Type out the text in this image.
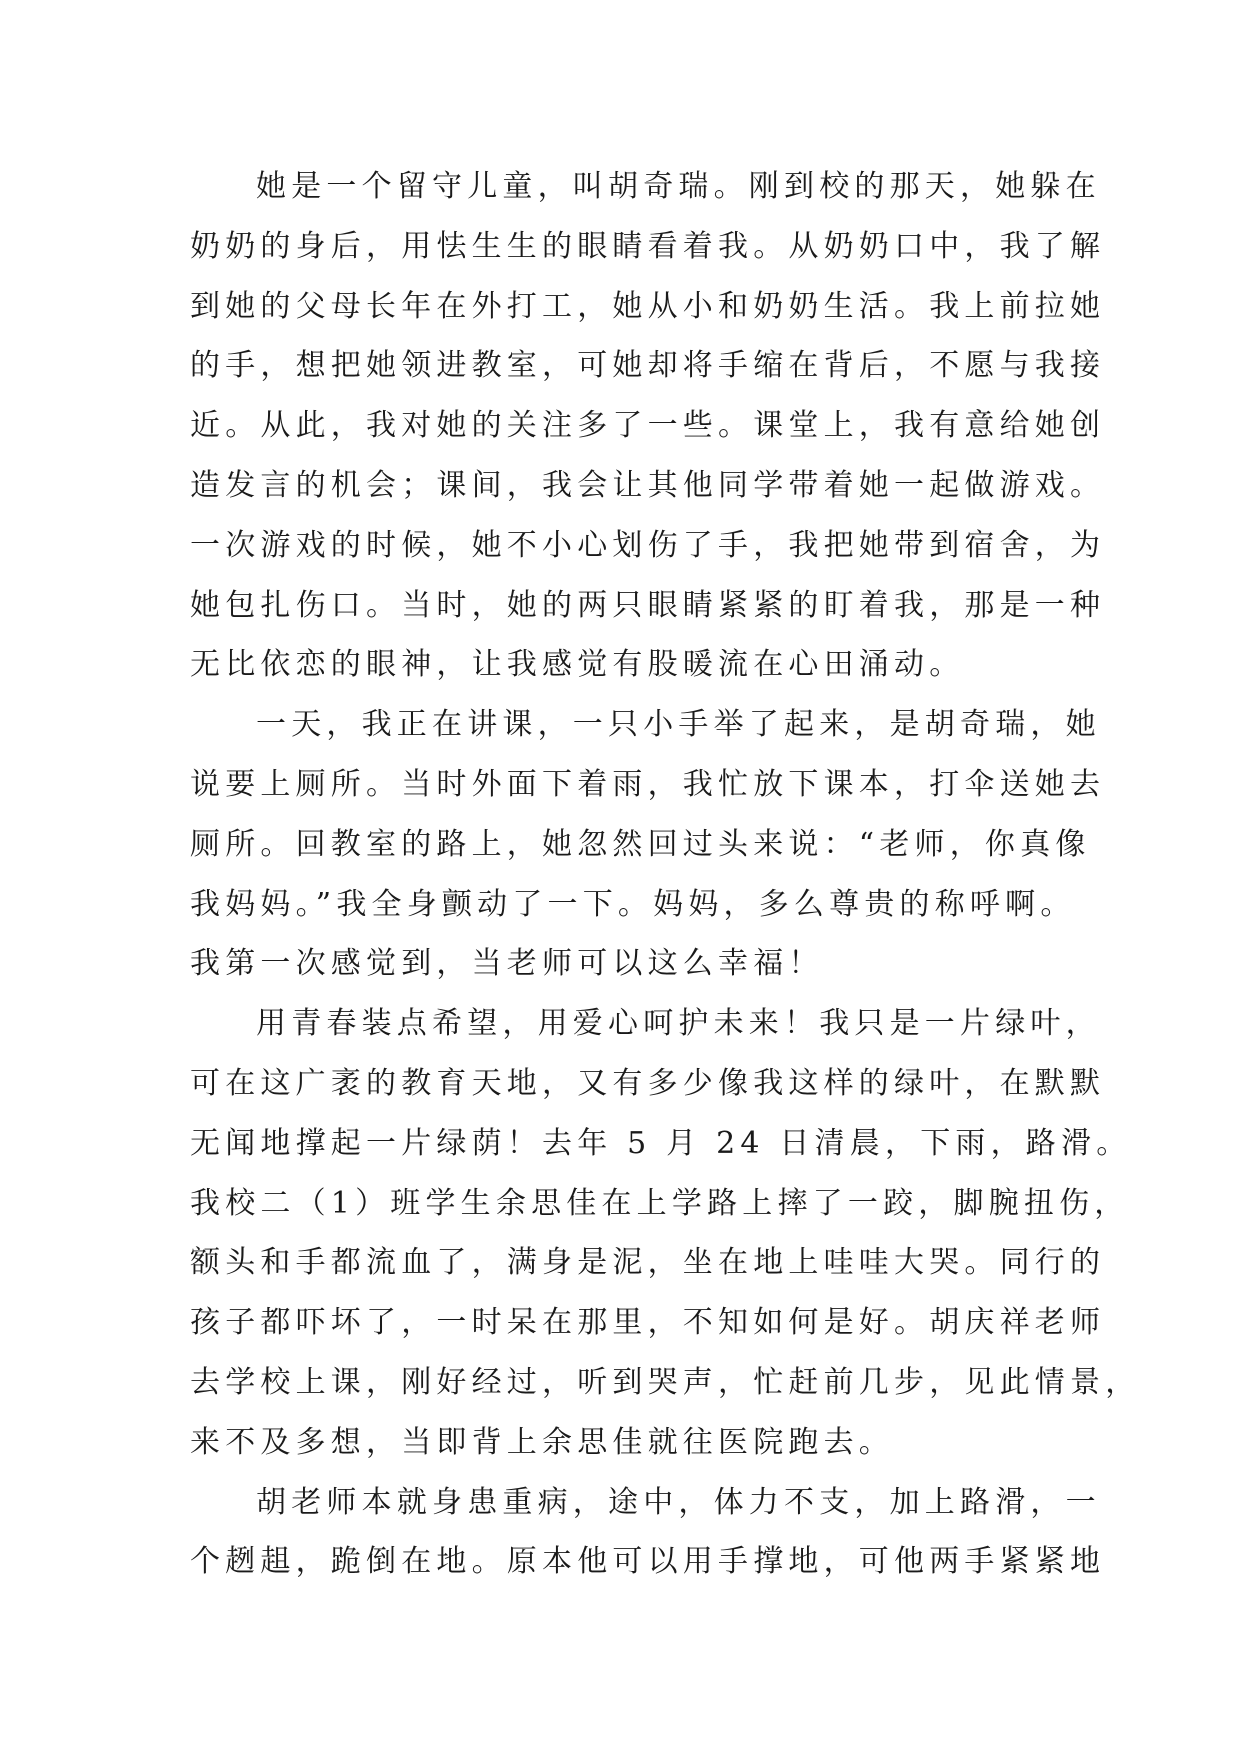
她是一个留守儿童，叫胡奇瑞。刚到校的那天，她躲在
奶奶的身后，用怯生生的眼睛看着我。从奶奶口中，我了解
到她的父母长年在外打工，她从小和奶奶生活。我上前拉她
的手，想把她领进教室，可她却将手缩在背后，不愿与我接
近。从此，我对她的关注多了一些。课堂上，我有意给她创
造发言的机会；课间，我会让其他同学带着她一起做游戏。
一次游戏的时候，她不小心划伤了手，我把她带到宿舍，为
她包扎伤口。当时，她的两只眼睛紧紧的盯着我，那是一种
无比依恋的眼神，让我感觉有股暖流在心田涌动。
一天，我正在讲课，一只小手举了起来，是胡奇瑞，她
说要上厕所。当时外面下着雨，我忙放下课本，打伞送她去
厕所。回教室的路上，她忽然回过头来说：“老师，你真像
我妈妈。”我全身颤动了一下。妈妈，多么尊贵的称呼啊。
我第一次感觉到，当老师可以这么幸福！
用青春装点希望，用爱心呵护未来！我只是一片绿叶，
可在这广袤的教育天地，又有多少像我这样的绿叶，在默默
无闻地撑起一片绿荫！去年 5 月 24 日清晨，下雨，路滑。
我校二（1）班学生余思佳在上学路上摔了一跤，脚腕扭伤，
额头和手都流血了，满身是泥，坐在地上哇哇大哭。同行的
孩子都吓坏了，一时呆在那里，不知如何是好。胡庆祥老师
去学校上课，刚好经过，听到哭声，忙赶前几步，见此情景，
来不及多想，当即背上余思佳就往医院跑去。
胡老师本就身患重病，途中，体力不支，加上路滑，一
个趔趄，跪倒在地。原本他可以用手撑地，可他两手紧紧地
